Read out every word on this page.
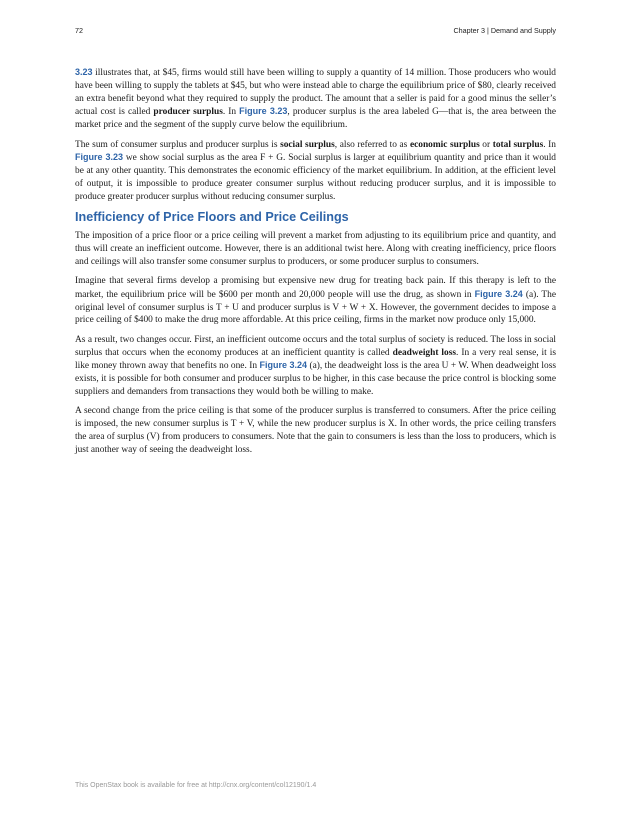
72	Chapter 3 | Demand and Supply

3.23 illustrates that, at $45, firms would still have been willing to supply a quantity of 14 million. Those producers who would have been willing to supply the tablets at $45, but who were instead able to charge the equilibrium price of $80, clearly received an extra benefit beyond what they required to supply the product. The amount that a seller is paid for a good minus the seller’s actual cost is called producer surplus. In Figure 3.23, producer surplus is the area labeled G—that is, the area between the market price and the segment of the supply curve below the equilibrium.

The sum of consumer surplus and producer surplus is social surplus, also referred to as economic surplus or total surplus. In Figure 3.23 we show social surplus as the area F + G. Social surplus is larger at equilibrium quantity and price than it would be at any other quantity. This demonstrates the economic efficiency of the market equilibrium. In addition, at the efficient level of output, it is impossible to produce greater consumer surplus without reducing producer surplus, and it is impossible to produce greater producer surplus without reducing consumer surplus.

Inefficiency of Price Floors and Price Ceilings

The imposition of a price floor or a price ceiling will prevent a market from adjusting to its equilibrium price and quantity, and thus will create an inefficient outcome. However, there is an additional twist here. Along with creating inefficiency, price floors and ceilings will also transfer some consumer surplus to producers, or some producer surplus to consumers.

Imagine that several firms develop a promising but expensive new drug for treating back pain. If this therapy is left to the market, the equilibrium price will be $600 per month and 20,000 people will use the drug, as shown in Figure 3.24 (a). The original level of consumer surplus is T + U and producer surplus is V + W + X. However, the government decides to impose a price ceiling of $400 to make the drug more affordable. At this price ceiling, firms in the market now produce only 15,000.

As a result, two changes occur. First, an inefficient outcome occurs and the total surplus of society is reduced. The loss in social surplus that occurs when the economy produces at an inefficient quantity is called deadweight loss. In a very real sense, it is like money thrown away that benefits no one. In Figure 3.24 (a), the deadweight loss is the area U + W. When deadweight loss exists, it is possible for both consumer and producer surplus to be higher, in this case because the price control is blocking some suppliers and demanders from transactions they would both be willing to make.

A second change from the price ceiling is that some of the producer surplus is transferred to consumers. After the price ceiling is imposed, the new consumer surplus is T + V, while the new producer surplus is X. In other words, the price ceiling transfers the area of surplus (V) from producers to consumers. Note that the gain to consumers is less than the loss to producers, which is just another way of seeing the deadweight loss.

This OpenStax book is available for free at http://cnx.org/content/col12190/1.4
